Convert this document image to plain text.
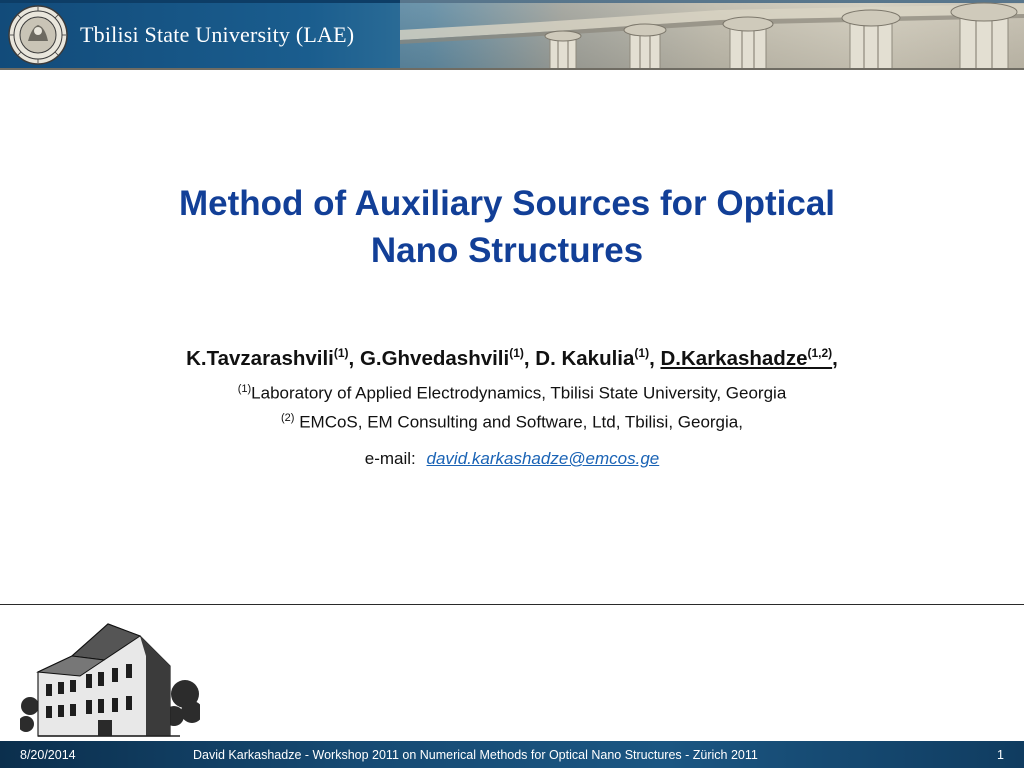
Tbilisi State University (LAE)
Method of Auxiliary Sources for Optical
Nano Structures
K.Tavzarashvili$^{(1)}$, G.Ghvedashvili$^{(1)}$, D. Kakulia$^{(1)}$, D.Karkashadze$^{(1,2)}$,
$^{(1)}$Laboratory of Applied Electrodynamics, Tbilisi State University, Georgia
$^{(2)}$ EMCoS, EM Consulting and Software, Ltd, Tbilisi, Georgia,
e-mail: david.karkashadze@emcos.ge
8/20/2014	David Karkashadze - Workshop 2011 on Numerical Methods for Optical Nano Structures - Zürich 2011	1
